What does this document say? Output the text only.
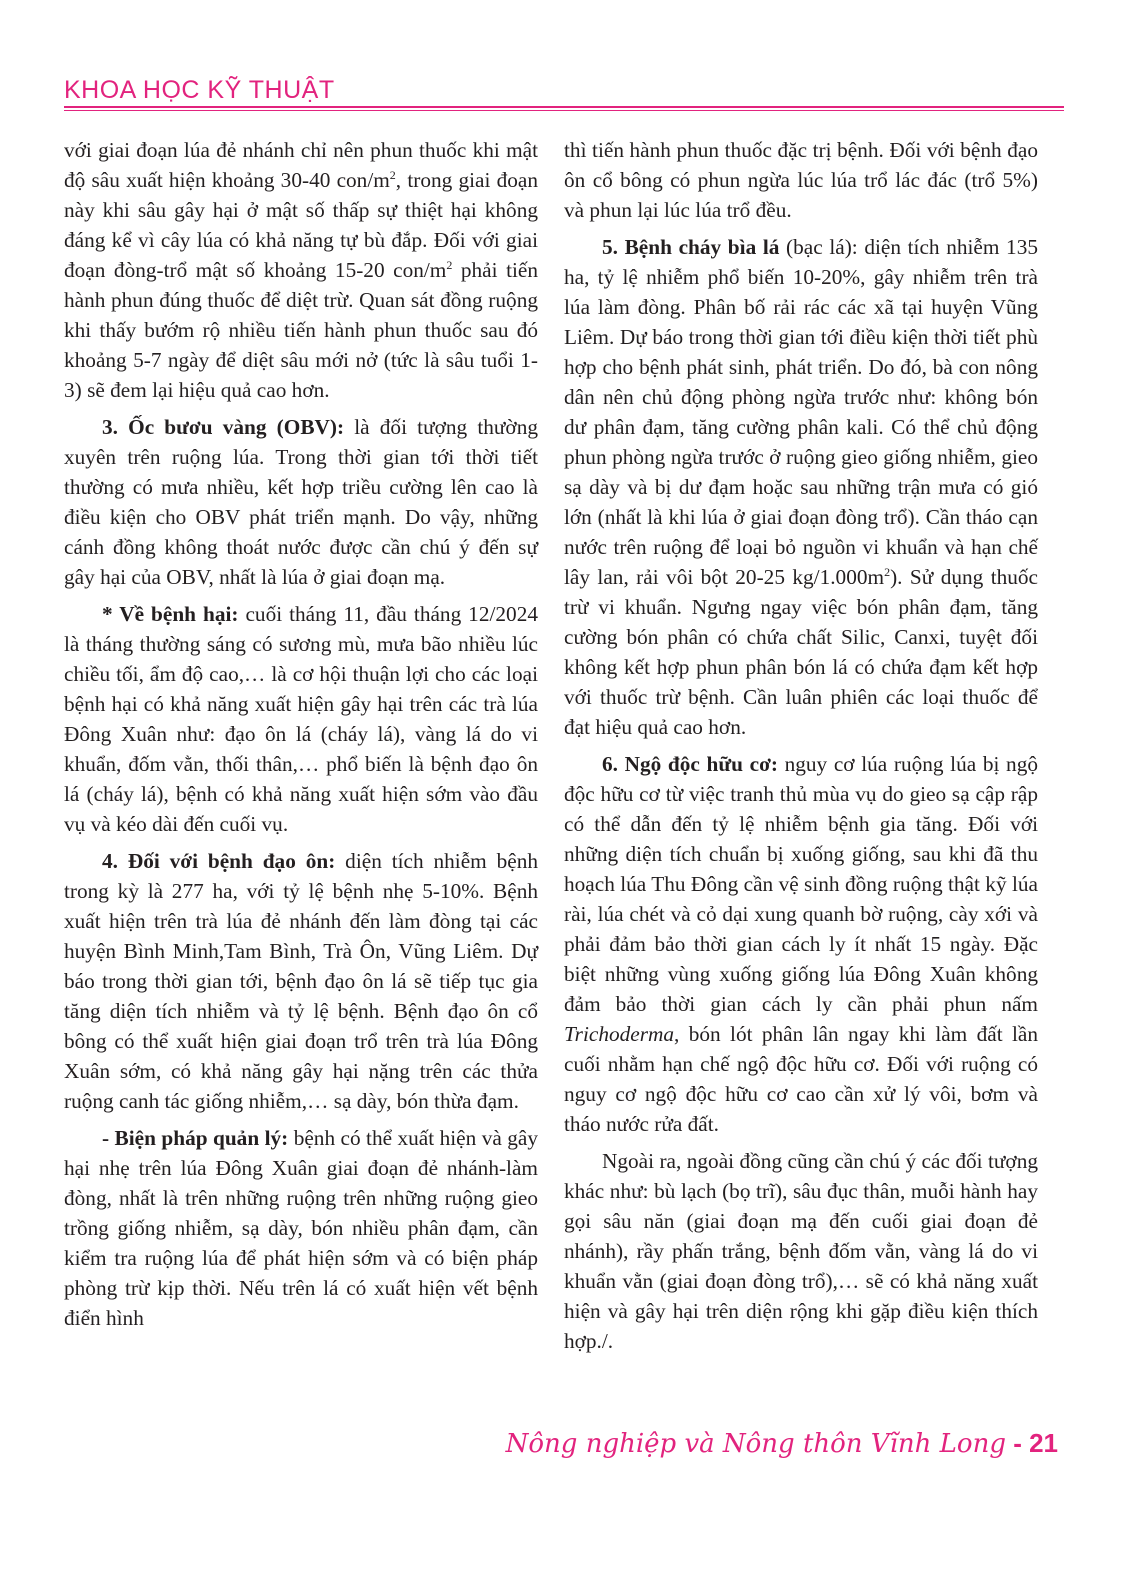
KHOA HỌC KỸ THUẬT

với giai đoạn lúa đẻ nhánh chỉ nên phun thuốc khi mật độ sâu xuất hiện khoảng 30-40 con/$m^2$, trong giai đoạn này khi sâu gây hại ở mật số thấp sự thiệt hại không đáng kể vì cây lúa có khả năng tự bù đắp. Đối với giai đoạn đòng-trổ mật số khoảng 15-20 con/$m^2$ phải tiến hành phun đúng thuốc để diệt trừ. Quan sát đồng ruộng khi thấy bướm rộ nhiều tiến hành phun thuốc sau đó khoảng 5-7 ngày để diệt sâu mới nở (tức là sâu tuổi 1-3) sẽ đem lại hiệu quả cao hơn.

3. Ốc bươu vàng (OBV): là đối tượng thường xuyên trên ruộng lúa. Trong thời gian tới thời tiết thường có mưa nhiều, kết hợp triều cường lên cao là điều kiện cho OBV phát triển mạnh. Do vậy, những cánh đồng không thoát nước được cần chú ý đến sự gây hại của OBV, nhất là lúa ở giai đoạn mạ.

* Về bệnh hại: cuối tháng 11, đầu tháng 12/2024 là tháng thường sáng có sương mù, mưa bão nhiều lúc chiều tối, ẩm độ cao,… là cơ hội thuận lợi cho các loại bệnh hại có khả năng xuất hiện gây hại trên các trà lúa Đông Xuân như: đạo ôn lá (cháy lá), vàng lá do vi khuẩn, đốm vằn, thối thân,… phổ biến là bệnh đạo ôn lá (cháy lá), bệnh có khả năng xuất hiện sớm vào đầu vụ và kéo dài đến cuối vụ.

4. Đối với bệnh đạo ôn: diện tích nhiễm bệnh trong kỳ là 277 ha, với tỷ lệ bệnh nhẹ 5-10%. Bệnh xuất hiện trên trà lúa đẻ nhánh đến làm đòng tại các huyện Bình Minh,Tam Bình, Trà Ôn, Vũng Liêm. Dự báo trong thời gian tới, bệnh đạo ôn lá sẽ tiếp tục gia tăng diện tích nhiễm và tỷ lệ bệnh. Bệnh đạo ôn cổ bông có thể xuất hiện giai đoạn trổ trên trà lúa Đông Xuân sớm, có khả năng gây hại nặng trên các thửa ruộng canh tác giống nhiễm,… sạ dày, bón thừa đạm.

- Biện pháp quản lý: bệnh có thể xuất hiện và gây hại nhẹ trên lúa Đông Xuân giai đoạn đẻ nhánh-làm đòng, nhất là trên những ruộng trên những ruộng gieo trồng giống nhiễm, sạ dày, bón nhiều phân đạm, cần kiểm tra ruộng lúa để phát hiện sớm và có biện pháp phòng trừ kịp thời. Nếu trên lá có xuất hiện vết bệnh điển hình

thì tiến hành phun thuốc đặc trị bệnh. Đối với bệnh đạo ôn cổ bông có phun ngừa lúc lúa trổ lác đác (trổ 5%) và phun lại lúc lúa trổ đều.

5. Bệnh cháy bìa lá (bạc lá): diện tích nhiễm 135 ha, tỷ lệ nhiễm phổ biến 10-20%, gây nhiễm trên trà lúa làm đòng. Phân bố rải rác các xã tại huyện Vũng Liêm. Dự báo trong thời gian tới điều kiện thời tiết phù hợp cho bệnh phát sinh, phát triển. Do đó, bà con nông dân nên chủ động phòng ngừa trước như: không bón dư phân đạm, tăng cường phân kali. Có thể chủ động phun phòng ngừa trước ở ruộng gieo giống nhiễm, gieo sạ dày và bị dư đạm hoặc sau những trận mưa có gió lớn (nhất là khi lúa ở giai đoạn đòng trổ). Cần tháo cạn nước trên ruộng để loại bỏ nguồn vi khuẩn và hạn chế lây lan, rải vôi bột 20-25 $kg/1.000m^2$). Sử dụng thuốc trừ vi khuẩn. Ngưng ngay việc bón phân đạm, tăng cường bón phân có chứa chất Silic, Canxi, tuyệt đối không kết hợp phun phân bón lá có chứa đạm kết hợp với thuốc trừ bệnh. Cần luân phiên các loại thuốc để đạt hiệu quả cao hơn.

6. Ngộ độc hữu cơ: nguy cơ lúa ruộng lúa bị ngộ độc hữu cơ từ việc tranh thủ mùa vụ do gieo sạ cập rập có thể dẫn đến tỷ lệ nhiễm bệnh gia tăng. Đối với những diện tích chuẩn bị xuống giống, sau khi đã thu hoạch lúa Thu Đông cần vệ sinh đồng ruộng thật kỹ lúa rài, lúa chét và cỏ dại xung quanh bờ ruộng, cày xới và phải đảm bảo thời gian cách ly ít nhất 15 ngày. Đặc biệt những vùng xuống giống lúa Đông Xuân không đảm bảo thời gian cách ly cần phải phun nấm Trichoderma, bón lót phân lân ngay khi làm đất lần cuối nhằm hạn chế ngộ độc hữu cơ. Đối với ruộng có nguy cơ ngộ độc hữu cơ cao cần xử lý vôi, bơm và tháo nước rửa đất.

Ngoài ra, ngoài đồng cũng cần chú ý các đối tượng khác như: bù lạch (bọ trĩ), sâu đục thân, muỗi hành hay gọi sâu năn (giai đoạn mạ đến cuối giai đoạn đẻ nhánh), rầy phấn trắng, bệnh đốm vằn, vàng lá do vi khuẩn vằn (giai đoạn đòng trổ),… sẽ có khả năng xuất hiện và gây hại trên diện rộng khi gặp điều kiện thích hợp./.

Nông nghiệp và Nông thôn Vĩnh Long - 21
